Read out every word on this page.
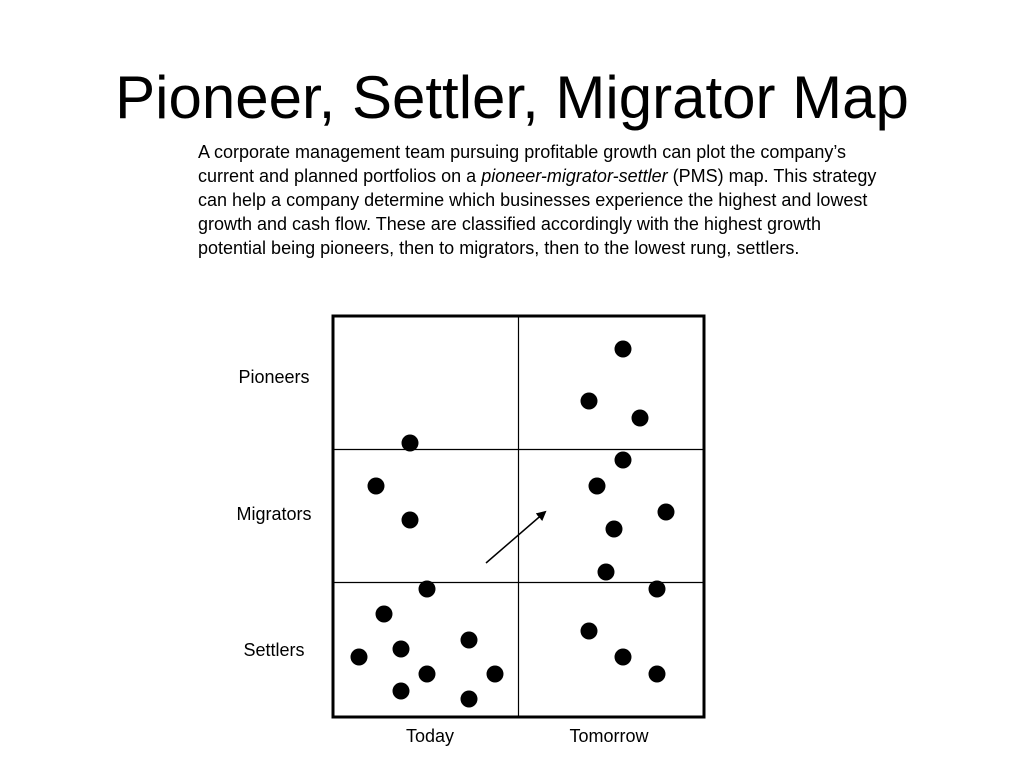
Pioneer, Settler, Migrator Map

A corporate management team pursuing profitable growth can plot the company’s current and planned portfolios on a pioneer-migrator-settler (PMS) map. This strategy can help a company determine which businesses experience the highest and lowest growth and cash flow. These are classified accordingly with the highest growth potential being pioneers, then to migrators, then to the lowest rung, settlers.

Pioneers
Migrators
Settlers
Today	Tomorrow
